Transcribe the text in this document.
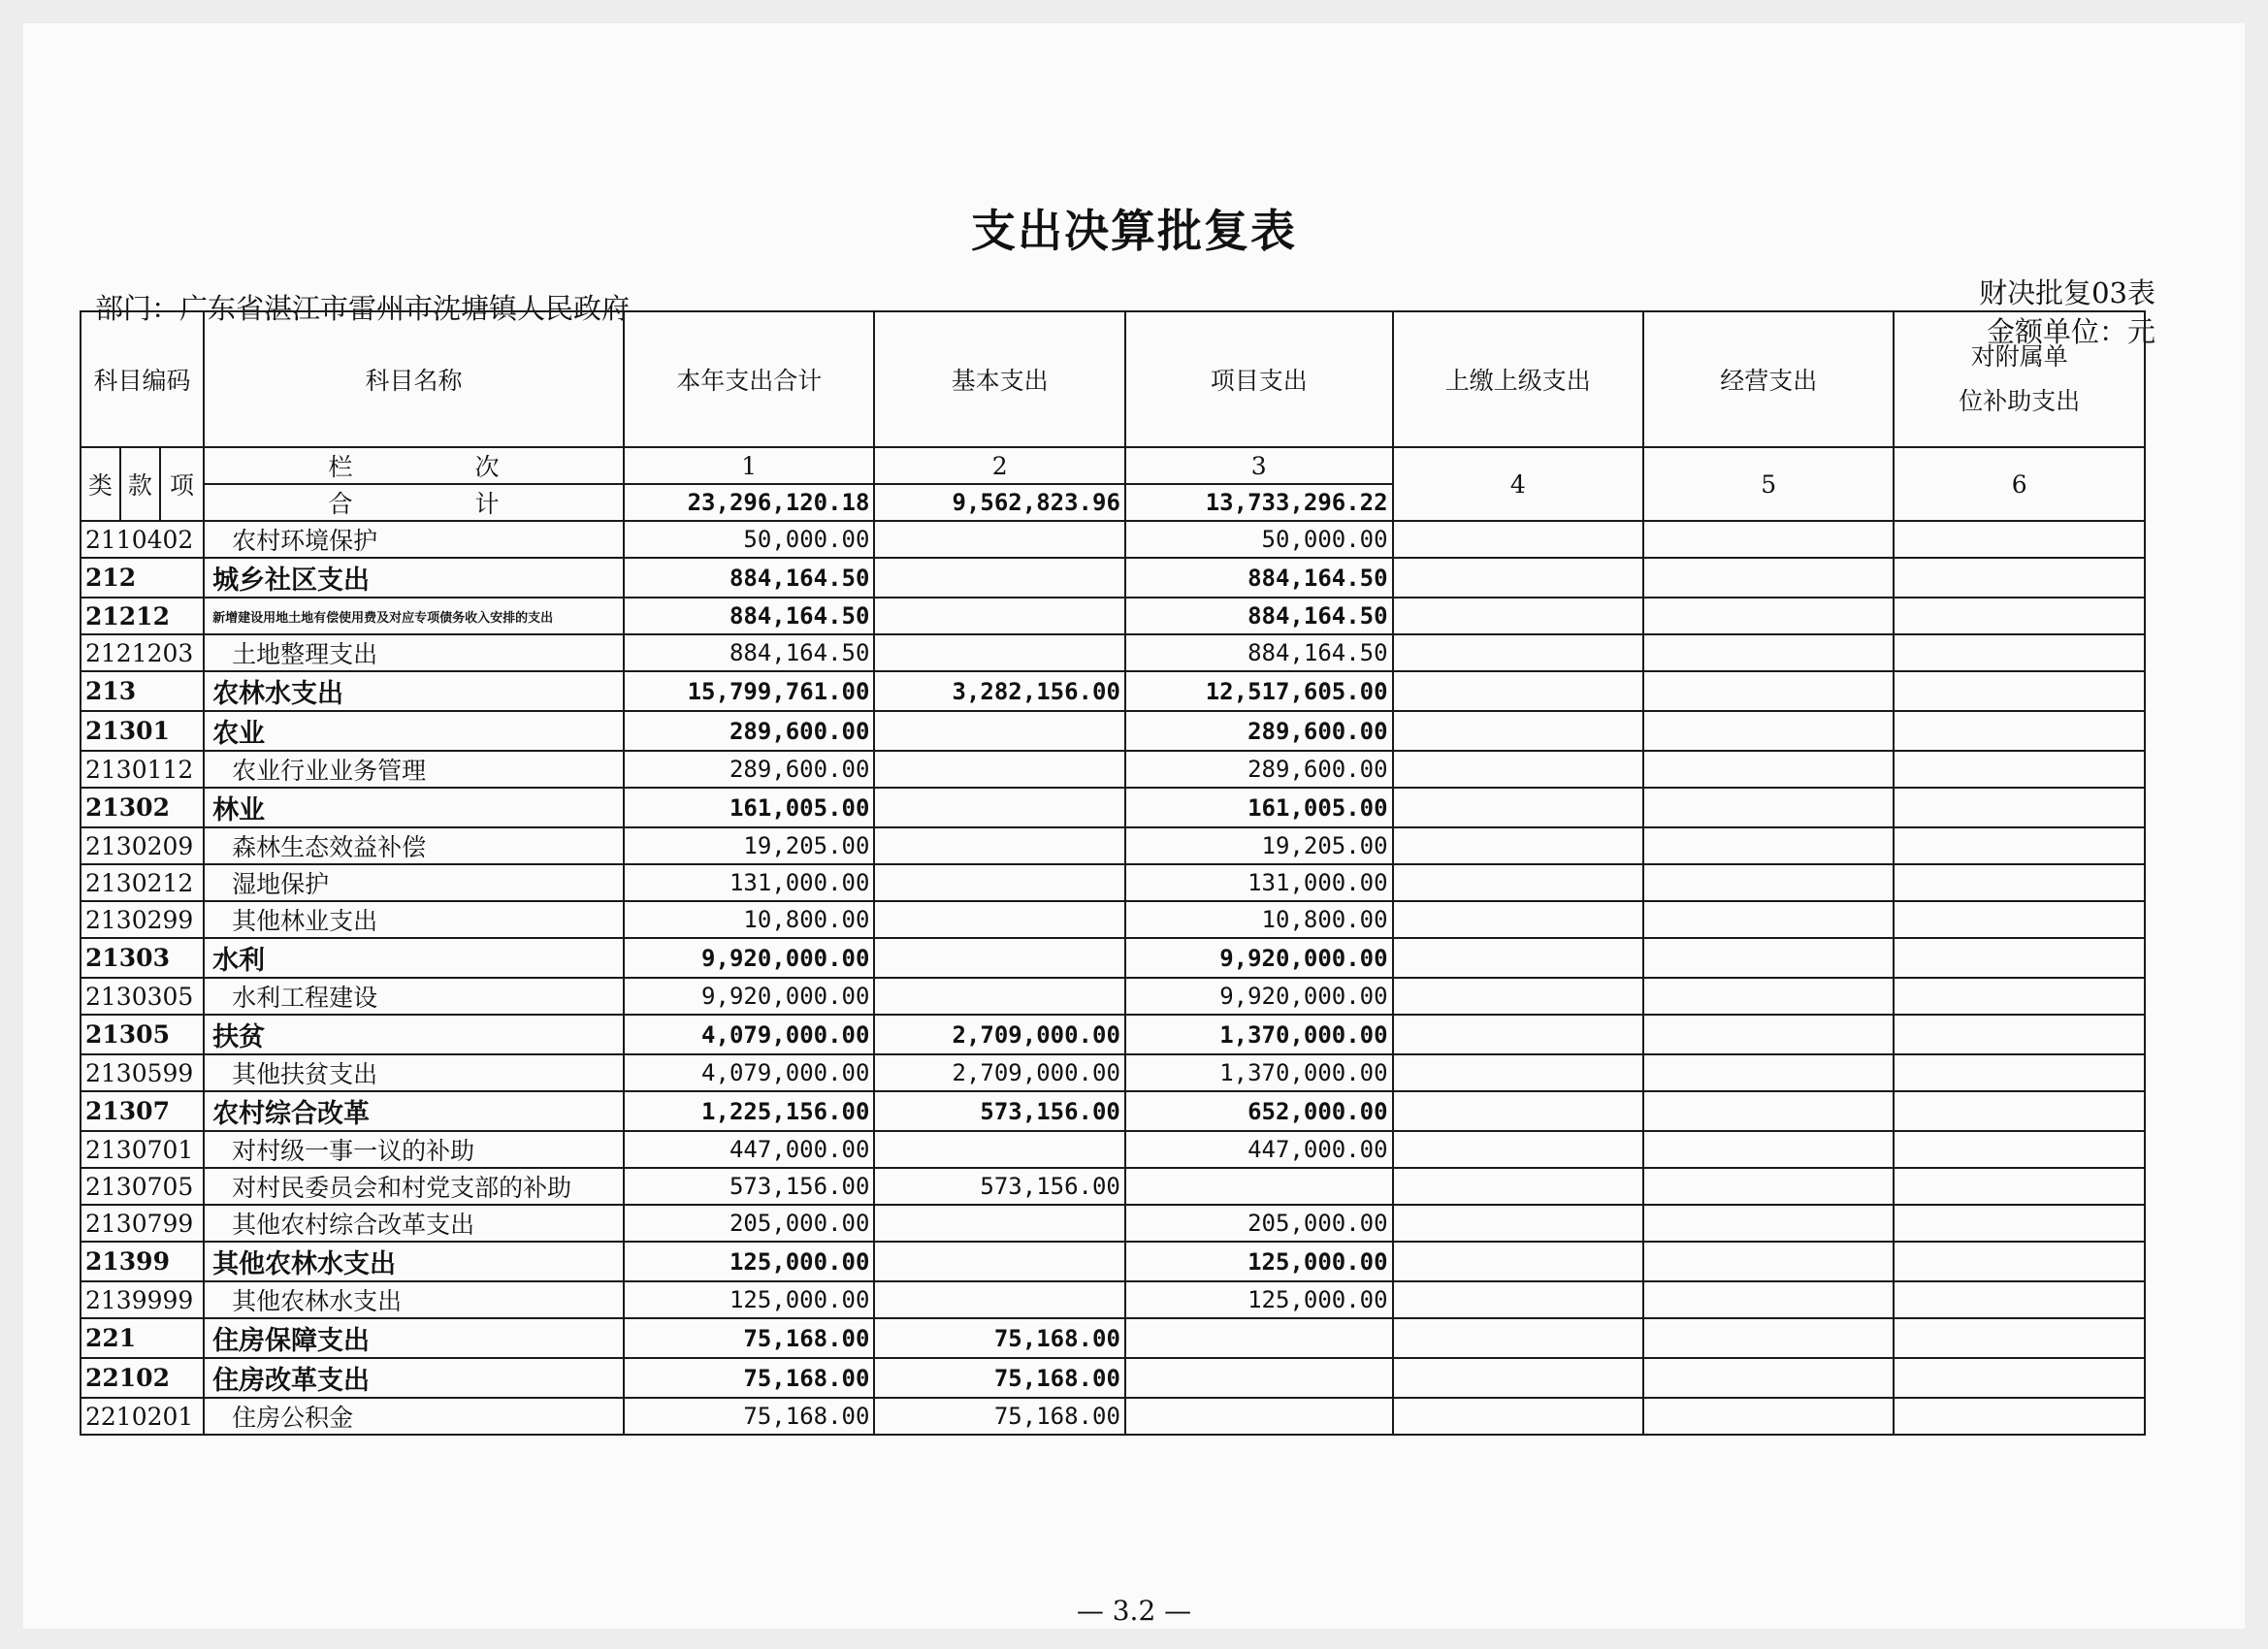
支出决算批复表
部门：广东省湛江市雷州市沈塘镇人民政府	财决批复03表
金额单位：元
科目编码			科目名称	本年支出合计	基本支出	项目支出	上缴上级支出	经营支出	对附属单
位补助支出

类	款	项	栏 次	1	2	3	4	5	6
			合 计	23,296,120.18	9,562,823.96	13,733,296.22			
2110402			农村环境保护	50,000.00		50,000.00			
212			城乡社区支出	884,164.50		884,164.50			
21212			新增建设用地土地有偿使用费及对应专项债务收入安排的支出	884,164.50		884,164.50			
2121203			土地整理支出	884,164.50		884,164.50			
213			农林水支出	15,799,761.00	3,282,156.00	12,517,605.00			
21301			农业	289,600.00		289,600.00			
2130112			农业行业业务管理	289,600.00		289,600.00			
21302			林业	161,005.00		161,005.00			
2130209			森林生态效益补偿	19,205.00		19,205.00			
2130212			湿地保护	131,000.00		131,000.00			
2130299			其他林业支出	10,800.00		10,800.00			
21303			水利	9,920,000.00		9,920,000.00			
2130305			水利工程建设	9,920,000.00		9,920,000.00			
21305			扶贫	4,079,000.00	2,709,000.00	1,370,000.00			
2130599			其他扶贫支出	4,079,000.00	2,709,000.00	1,370,000.00			
21307			农村综合改革	1,225,156.00	573,156.00	652,000.00			
2130701			对村级一事一议的补助	447,000.00		447,000.00			
2130705			对村民委员会和村党支部的补助	573,156.00	573,156.00				
2130799			其他农村综合改革支出	205,000.00		205,000.00			
21399			其他农林水支出	125,000.00		125,000.00			
2139999			其他农林水支出	125,000.00		125,000.00			
221			住房保障支出	75,168.00	75,168.00				
22102			住房改革支出	75,168.00	75,168.00				
2210201			住房公积金	75,168.00	75,168.00				
— 3.2 —
